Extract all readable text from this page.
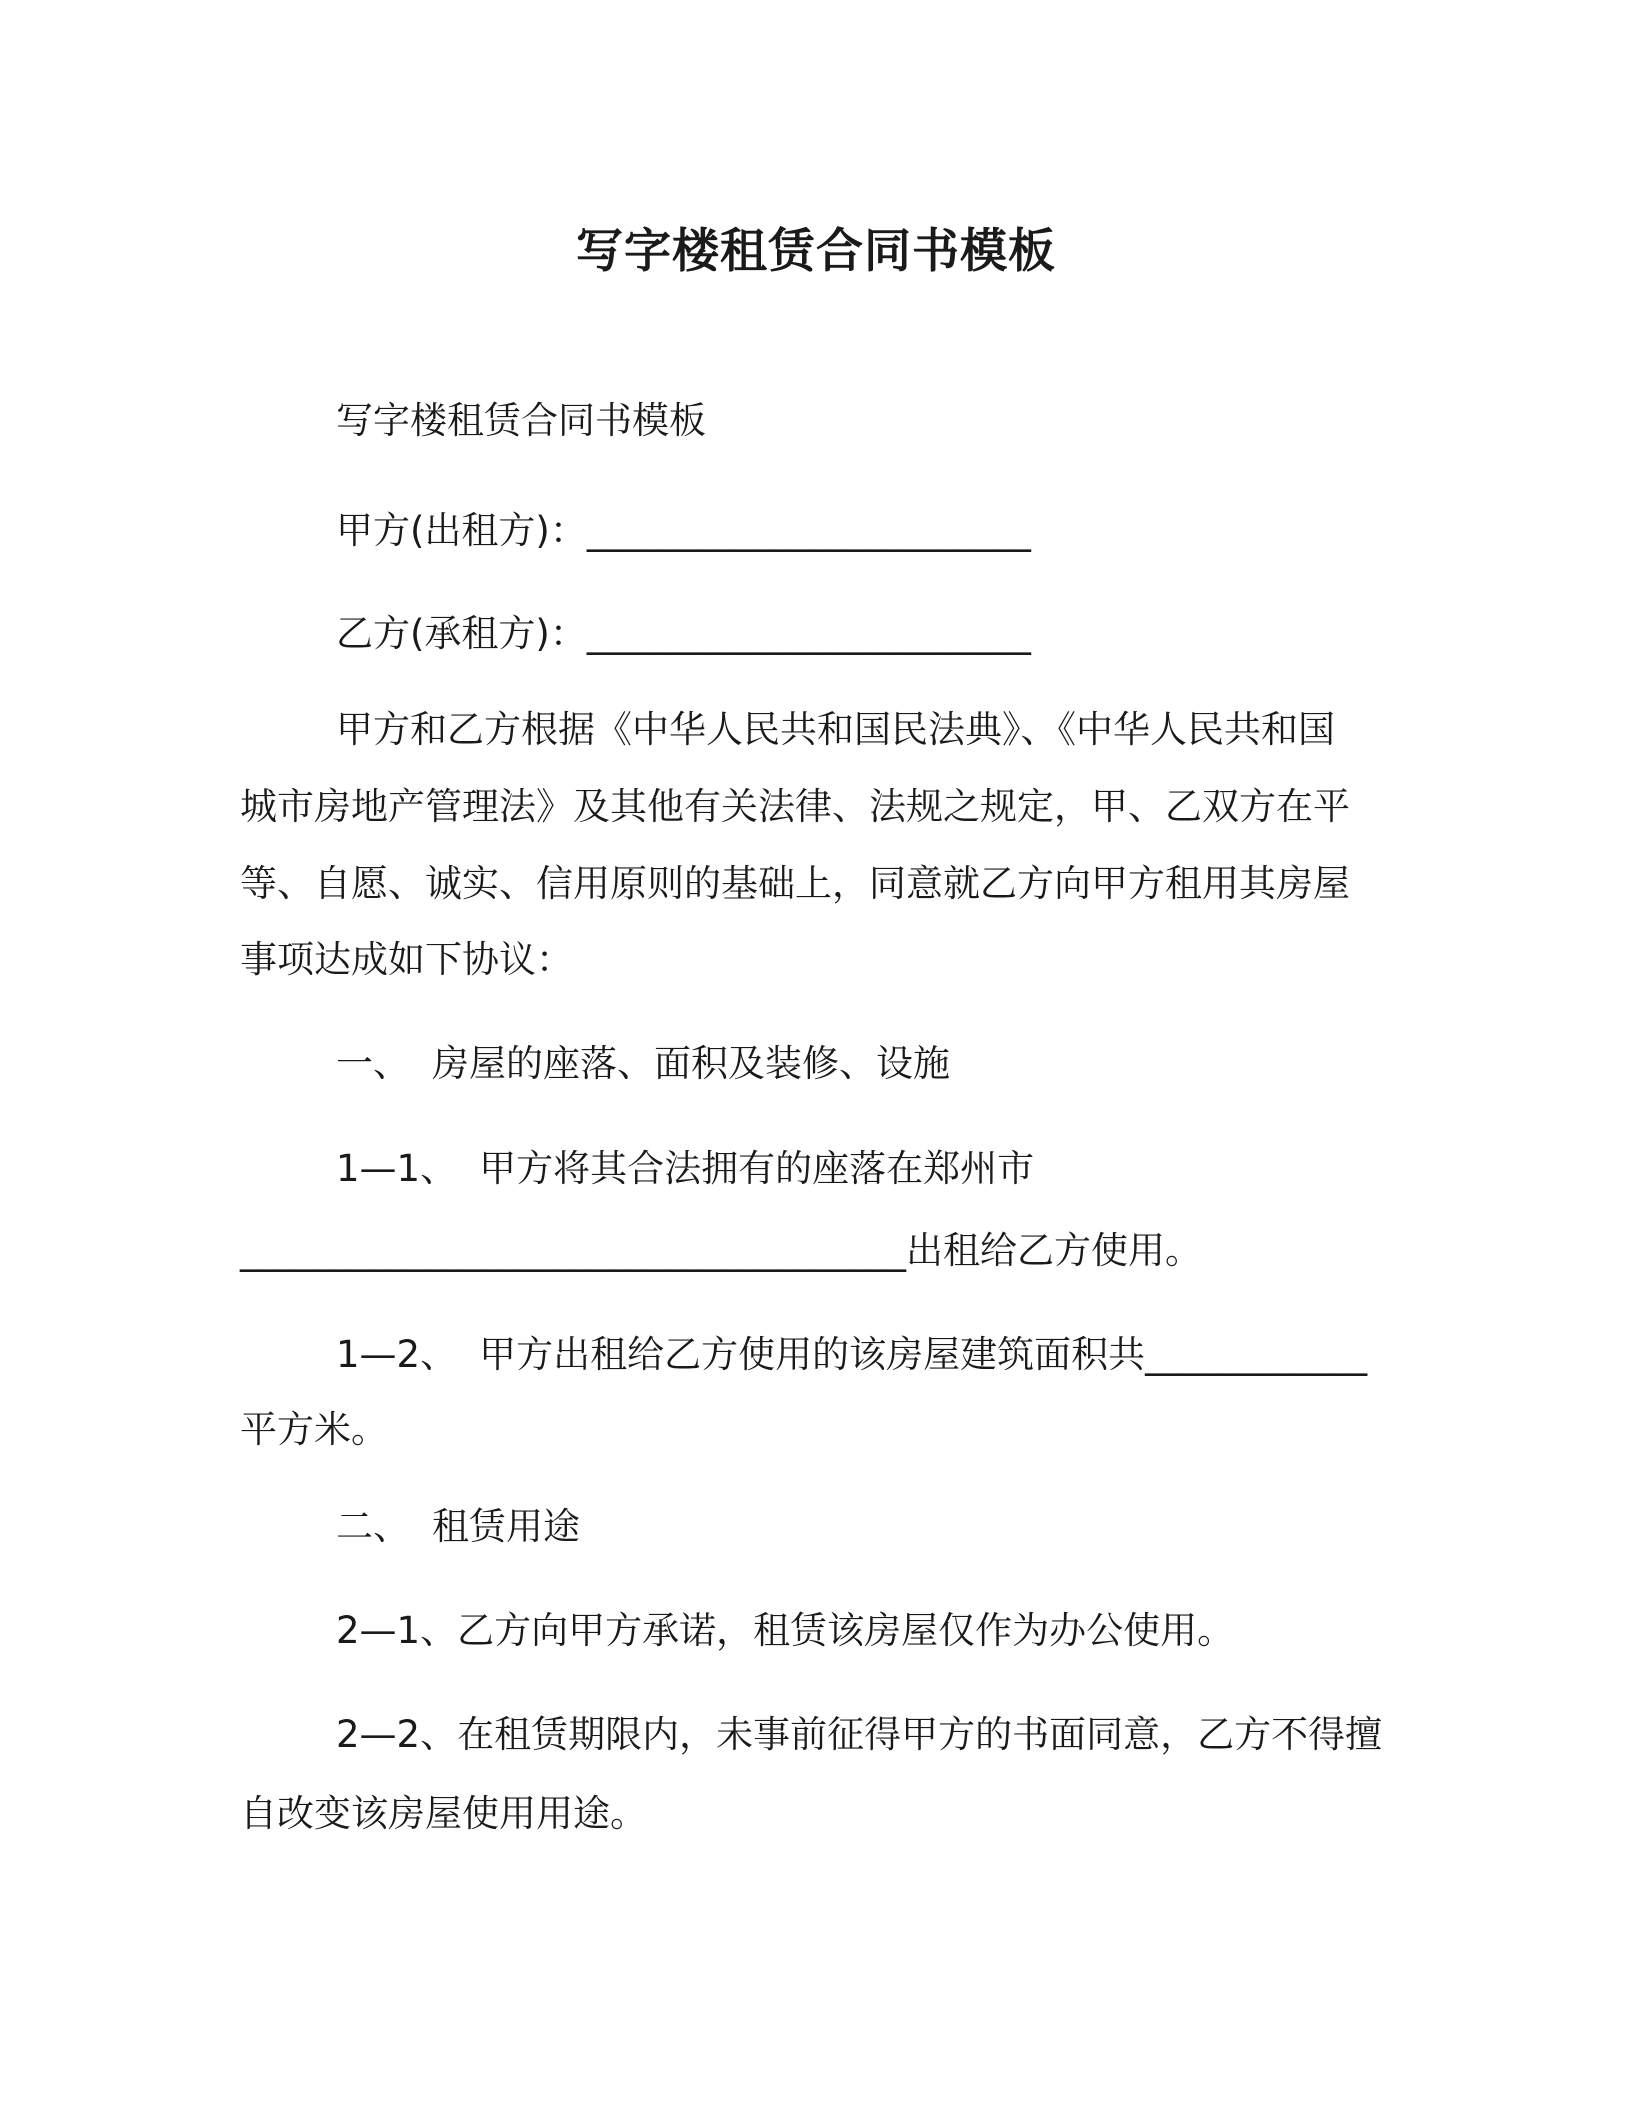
写字楼租赁合同书模板
写字楼租赁合同书模板
甲方(出租方)：________________________
乙方(承租方)：________________________
甲方和乙方根据《中华人民共和国民法典》、《中华人民共和国
城市房地产管理法》及其他有关法律、法规之规定，甲、乙双方在平
等、自愿、诚实、信用原则的基础上，同意就乙方向甲方租用其房屋
事项达成如下协议：
一、 房屋的座落、面积及装修、设施
1—1、 甲方将其合法拥有的座落在郑州市
____________________________________出租给乙方使用。
1—2、 甲方出租给乙方使用的该房屋建筑面积共____________
平方米。
二、 租赁用途
2—1、乙方向甲方承诺，租赁该房屋仅作为办公使用。
2—2、在租赁期限内，未事前征得甲方的书面同意，乙方不得擅
自改变该房屋使用用途。
